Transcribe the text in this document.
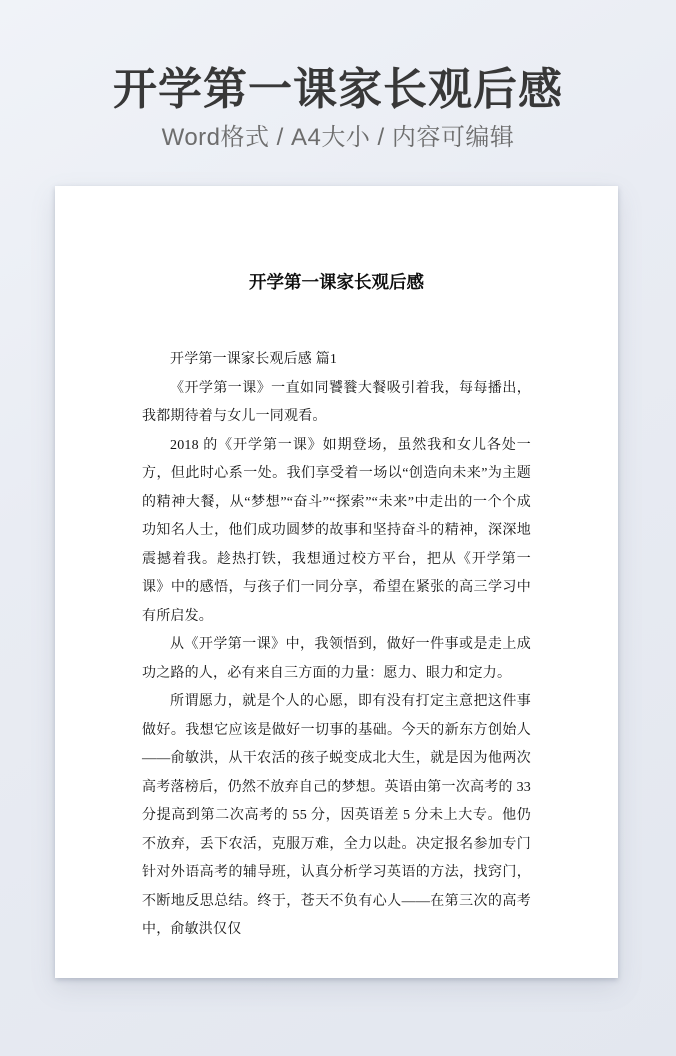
开学第一课家长观后感
Word格式 / A4大小 / 内容可编辑
开学第一课家长观后感

开学第一课家长观后感 篇1

《开学第一课》一直如同饕餮大餐吸引着我，每每播出，我都期待着与女儿一同观看。

2018 的《开学第一课》如期登场，虽然我和女儿各处一方，但此时心系一处。我们享受着一场以“创造向未来”为主题的精神大餐，从“梦想”“奋斗”“探索”“未来”中走出的一个个成功知名人士，他们成功圆梦的故事和坚持奋斗的精神，深深地震撼着我。趁热打铁，我想通过校方平台，把从《开学第一课》中的感悟，与孩子们一同分享，希望在紧张的高三学习中有所启发。

从《开学第一课》中，我领悟到，做好一件事或是走上成功之路的人，必有来自三方面的力量：愿力、眼力和定力。

所谓愿力，就是个人的心愿，即有没有打定主意把这件事做好。我想它应该是做好一切事的基础。今天的新东方创始人——俞敏洪，从干农活的孩子蜕变成北大生，就是因为他两次高考落榜后，仍然不放弃自己的梦想。英语由第一次高考的 33 分提高到第二次高考的 55 分，因英语差 5 分未上大专。他仍不放弃，丢下农活，克服万难，全力以赴。决定报名参加专门针对外语高考的辅导班，认真分析学习英语的方法，找窍门，不断地反思总结。终于，苍天不负有心人——在第三次的高考中，俞敏洪仅仅
